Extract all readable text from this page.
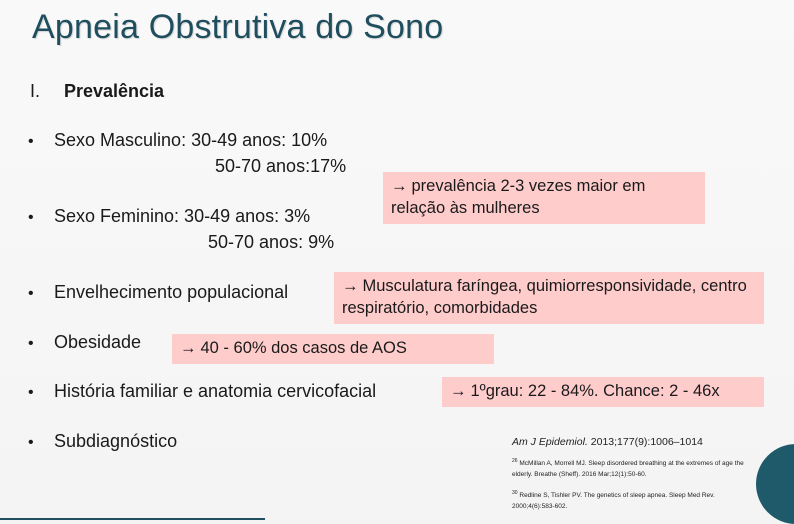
Apneia Obstrutiva do Sono
I. Prevalência
• Sexo Masculino: 30-49 anos: 10%
50-70 anos:17%
→ prevalência 2-3 vezes maior em relação às mulheres
• Sexo Feminino: 30-49 anos: 3%
50-70 anos: 9%
• Envelhecimento populacional	→ Musculatura faríngea, quimiorresponsividade, centro respiratório, comorbidades
• Obesidade	→ 40 - 60% dos casos de AOS
• História familiar e anatomia cervicofacial	→ 1ºgrau: 22 - 84%. Chance: 2 - 46x
• Subdiagnóstico	Am J Epidemiol. 2013;177(9):1006–1014
$^{26}$ McMillan A, Morrell MJ. Sleep disordered breathing at the extremes of age the elderly. Breathe (Sheff). 2016 Mar;12(1):50-60.
$^{30}$ Redline S, Tishler PV. The genetics of sleep apnea. Sleep Med Rev. 2000;4(6):583-602.
